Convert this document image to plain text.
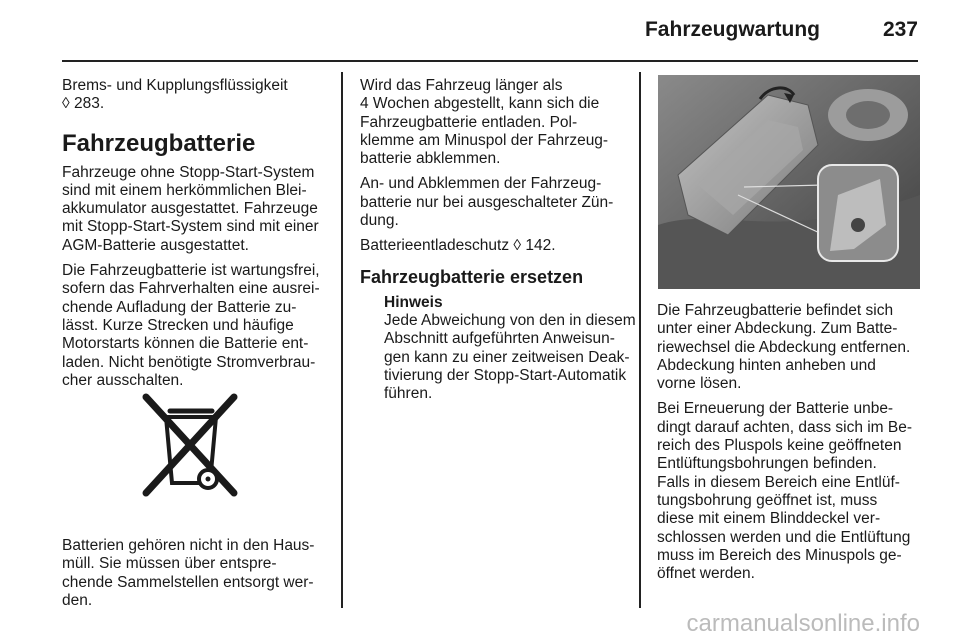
Fahrzeugwartung	237

Brems- und Kupplungsflüssigkeit
◊ 283.

Fahrzeugbatterie

Fahrzeuge ohne Stopp-Start-System
sind mit einem herkömmlichen Blei-
akkumulator ausgestattet. Fahrzeuge
mit Stopp-Start-System sind mit einer
AGM-Batterie ausgestattet.

Die Fahrzeugbatterie ist wartungsfrei,
sofern das Fahrverhalten eine ausrei-
chende Aufladung der Batterie zu-
lässt. Kurze Strecken und häufige
Motorstarts können die Batterie ent-
laden. Nicht benötigte Stromverbrau-
cher ausschalten.

Batterien gehören nicht in den Haus-
müll. Sie müssen über entspre-
chende Sammelstellen entsorgt wer-
den.

Wird das Fahrzeug länger als
4 Wochen abgestellt, kann sich die
Fahrzeugbatterie entladen. Pol-
klemme am Minuspol der Fahrzeug-
batterie abklemmen.

An- und Abklemmen der Fahrzeug-
batterie nur bei ausgeschalteter Zün-
dung.

Batterieentladeschutz ◊ 142.

Fahrzeugbatterie ersetzen
Hinweis

Jede Abweichung von den in diesem
Abschnitt aufgeführten Anweisun-
gen kann zu einer zeitweisen Deak-
tivierung der Stopp-Start-Automatik
führen.

Die Fahrzeugbatterie befindet sich
unter einer Abdeckung. Zum Batte-
riewechsel die Abdeckung entfernen.
Abdeckung hinten anheben und
vorne lösen.

Bei Erneuerung der Batterie unbe-
dingt darauf achten, dass sich im Be-
reich des Pluspols keine geöffneten
Entlüftungsbohrungen befinden.
Falls in diesem Bereich eine Entlüf-
tungsbohrung geöffnet ist, muss
diese mit einem Blinddeckel ver-
schlossen werden und die Entlüftung
muss im Bereich des Minuspols ge-
öffnet werden.

carmanualsonline.info
